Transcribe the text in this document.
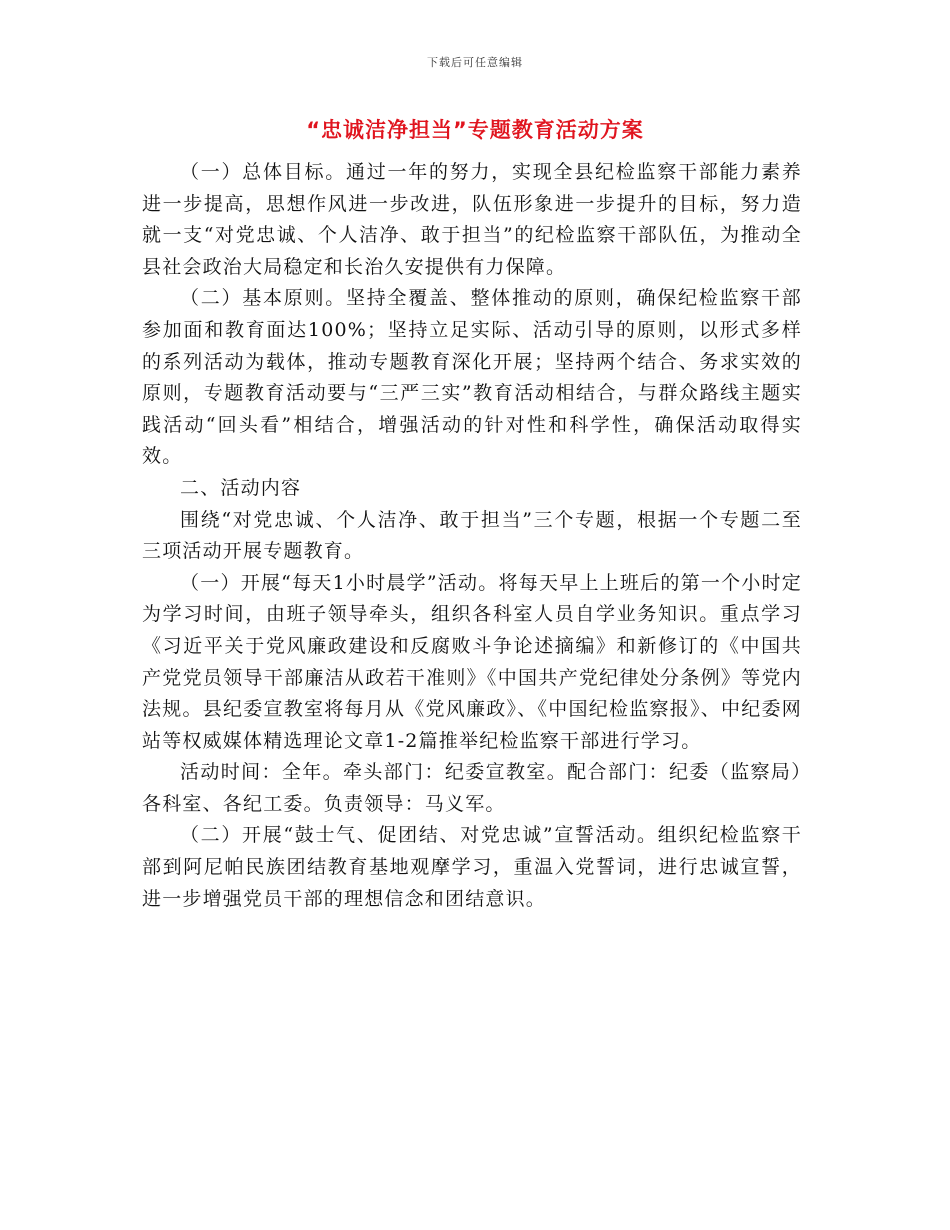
下载后可任意编辑
“忠诚洁净担当”专题教育活动方案

（一）总体目标。通过一年的努力，实现全县纪检监察干部能力素养进一步提高，思想作风进一步改进，队伍形象进一步提升的目标，努力造就一支“对党忠诚、个人洁净、敢于担当”的纪检监察干部队伍，为推动全县社会政治大局稳定和长治久安提供有力保障。

（二）基本原则。坚持全覆盖、整体推动的原则，确保纪检监察干部参加面和教育面达100%；坚持立足实际、活动引导的原则，以形式多样的系列活动为载体，推动专题教育深化开展；坚持两个结合、务求实效的原则，专题教育活动要与“三严三实”教育活动相结合，与群众路线主题实践活动“回头看”相结合，增强活动的针对性和科学性，确保活动取得实效。

二、活动内容

围绕“对党忠诚、个人洁净、敢于担当”三个专题，根据一个专题二至三项活动开展专题教育。

（一）开展“每天1小时晨学”活动。将每天早上上班后的第一个小时定为学习时间，由班子领导牵头，组织各科室人员自学业务知识。重点学习《习近平关于党风廉政建设和反腐败斗争论述摘编》和新修订的《中国共产党党员领导干部廉洁从政若干准则》《中国共产党纪律处分条例》等党内法规。县纪委宣教室将每月从《党风廉政》、《中国纪检监察报》、中纪委网站等权威媒体精选理论文章1-2篇推举纪检监察干部进行学习。

活动时间：全年。牵头部门：纪委宣教室。配合部门：纪委（监察局）各科室、各纪工委。负责领导：马义军。

（二）开展“鼓士气、促团结、对党忠诚”宣誓活动。组织纪检监察干部到阿尼帕民族团结教育基地观摩学习，重温入党誓词，进行忠诚宣誓，进一步增强党员干部的理想信念和团结意识。
